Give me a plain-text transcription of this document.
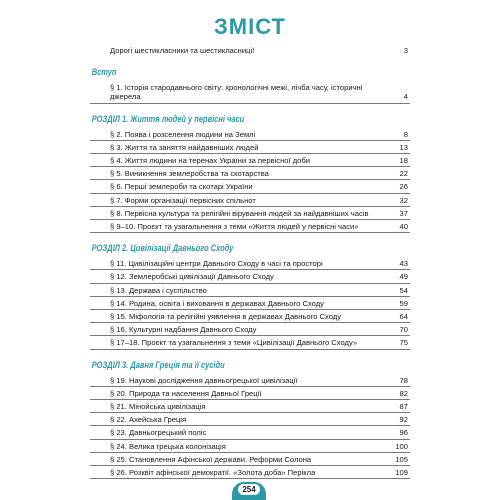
ЗМІСТ
Дорогі шестикласники та шестикласниці!	3
Вступ
§ 1. Історія стародавнього світу: хронологічні межі, лічба часу, історичні джерела	4
РОЗДІЛ 1. Життя людей у первісні часи
§ 2. Поява і розселення людини на Землі	8
§ 3. Життя та заняття найдавніших людей	13
§ 4. Життя людини на теренах України за первісної доби	18
§ 5. Виникнення землеробства та скотарства	22
§ 6. Перші землероби та скотарі України	26
§ 7. Форми організації первісних спільнот	32
§ 8. Первісна культура та релігійні вірування людей за найдавніших часів	37
§ 9–10. Проєкт та узагальнення з теми «Життя людей у первісні часи»	40
РОЗДІЛ 2. Цивілізації Давнього Сходу
§ 11. Цивілізаційні центри Давнього Сходу в часі та просторі	43
§ 12. Землеробські цивілізації Давнього Сходу	49
§ 13. Держава і суспільство	54
§ 14. Родина, освіта і виховання в державах Давнього Сходу	59
§ 15. Міфологія та релігійні уявлення в державах Давнього Сходу	64
§ 16. Культурні надбання Давнього Сходу	70
§ 17–18. Проєкт та узагальнення з теми «Цивілізації Давнього Сходу»	75
РОЗДІЛ 3. Давня Греція та її сусіди
§ 19. Наукові дослідження давньогрецької цивілізації	78
§ 20. Природа та населення Давньої Греції	82
§ 21. Мінойська цивілізація	87
§ 22. Ахейська Греція	92
§ 23. Давньогрецький поліс	96
§ 24. Велика грецька колонізація	100
§ 25. Становлення Афінської держави. Реформи Солона	105
§ 26. Розквіт афінської демократії. «Золота доба» Перікла	109
254
